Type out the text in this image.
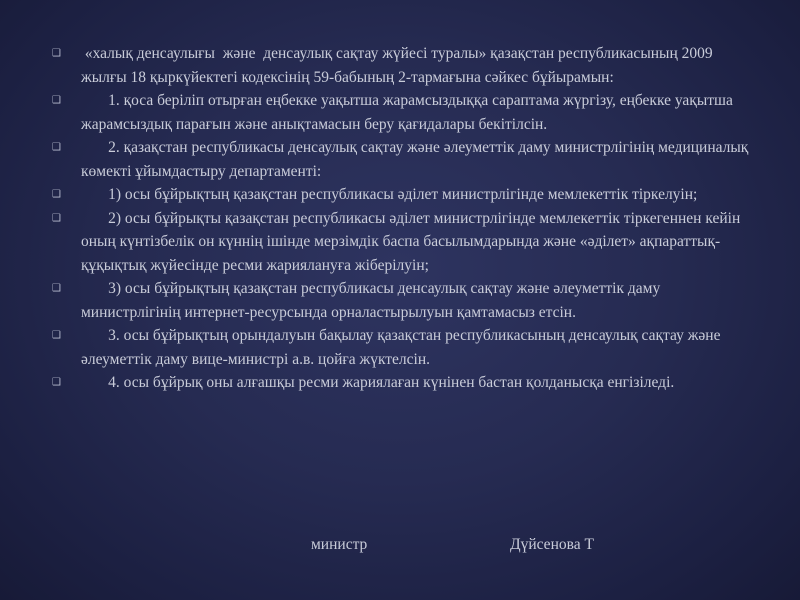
❑	«халық денсаулығы  және  денсаулық сақтау жүйесі туралы» қазақстан республикасының 2009 жылғы 18 қыркүйектегі кодексінің 59-бабының 2-тармағына сәйкес бұйырамын:
❑	1. қоса беріліп отырған еңбекке уақытша жарамсыздыққа сараптама жүргізу, еңбекке уақытша жарамсыздық парағын және анықтамасын беру қағидалары бекітілсін.
❑	2. қазақстан республикасы денсаулық сақтау және әлеуметтік даму министрлігінің медициналық көмекті ұйымдастыру департаменті:
❑	1) осы бұйрықтың қазақстан республикасы әділет министрлігінде мемлекеттік тіркелуін;
❑	2) осы бұйрықты қазақстан республикасы әділет министрлігінде мемлекеттік тіркегеннен кейін оның күнтізбелік он күннің ішінде мерзімдік баспа басылымдарында және «әділет» ақпараттық-құқықтық жүйесінде ресми жариялануға жіберілуін;
❑	3) осы бұйрықтың қазақстан республикасы денсаулық сақтау және әлеуметтік даму министрлігінің интернет-ресурсында орналастырылуын қамтамасыз етсін.
❑	3. осы бұйрықтың орындалуын бақылау қазақстан республикасының денсаулық сақтау және әлеуметтік даму вице-министрі а.в. цойға жүктелсін.
❑	4. осы бұйрық оны алғашқы ресми жариялаған күнінен бастан қолданысқа енгізіледі.
министр	Дүйсенова Т
